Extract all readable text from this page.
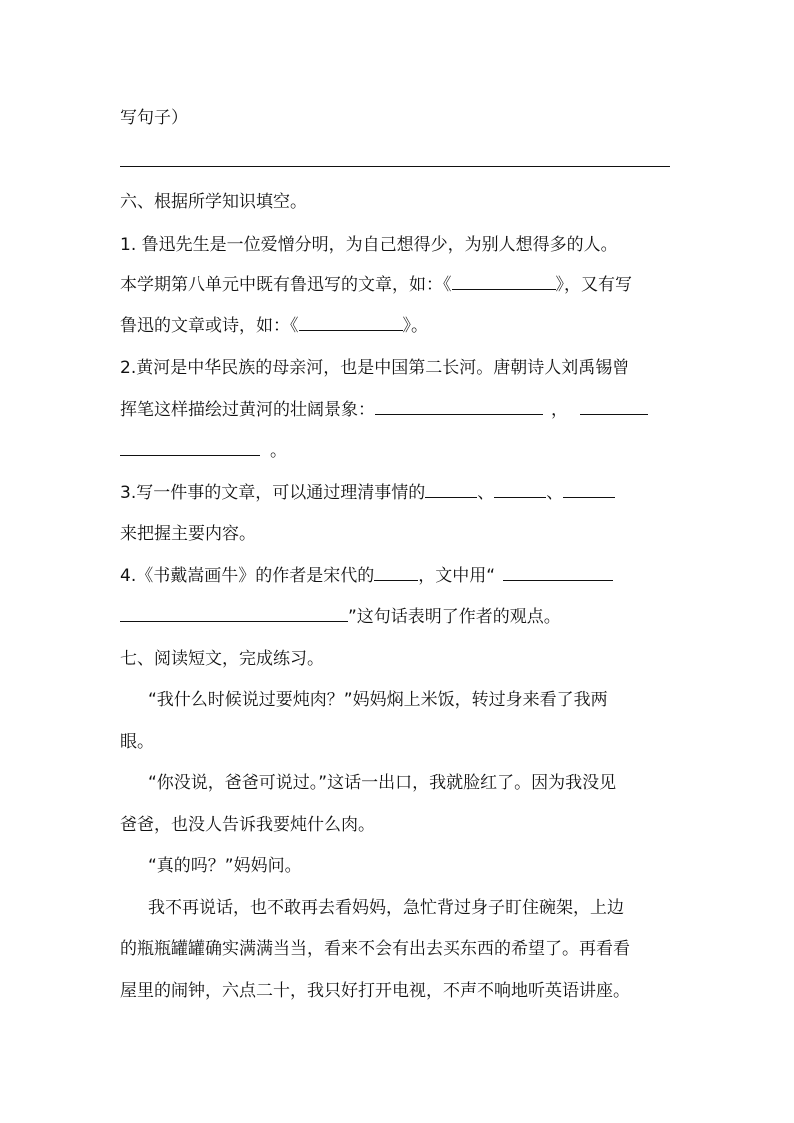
写句子）
六、根据所学知识填空。
1. 鲁迅先生是一位爱憎分明，为自己想得少，为别人想得多的人。
本学期第八单元中既有鲁迅写的文章，如：《	》，又有写
鲁迅的文章或诗，如：《	》。
2.黄河是中华民族的母亲河，也是中国第二长河。唐朝诗人刘禹锡曾
挥笔这样描绘过黄河的壮阔景象：	，
。
3.写一件事的文章，可以通过理清事情的	、	、
来把握主要内容。
4.《书戴嵩画牛》的作者是宋代的	，文中用“
”这句话表明了作者的观点。
七、阅读短文，完成练习。
“我什么时候说过要炖肉？”妈妈焖上米饭，转过身来看了我两
眼。
“你没说，爸爸可说过。”这话一出口，我就脸红了。因为我没见
爸爸，也没人告诉我要炖什么肉。
“真的吗？”妈妈问。
我不再说话，也不敢再去看妈妈，急忙背过身子盯住碗架，上边
的瓶瓶罐罐确实满满当当，看来不会有出去买东西的希望了。再看看
屋里的闹钟，六点二十，我只好打开电视，不声不响地听英语讲座。
